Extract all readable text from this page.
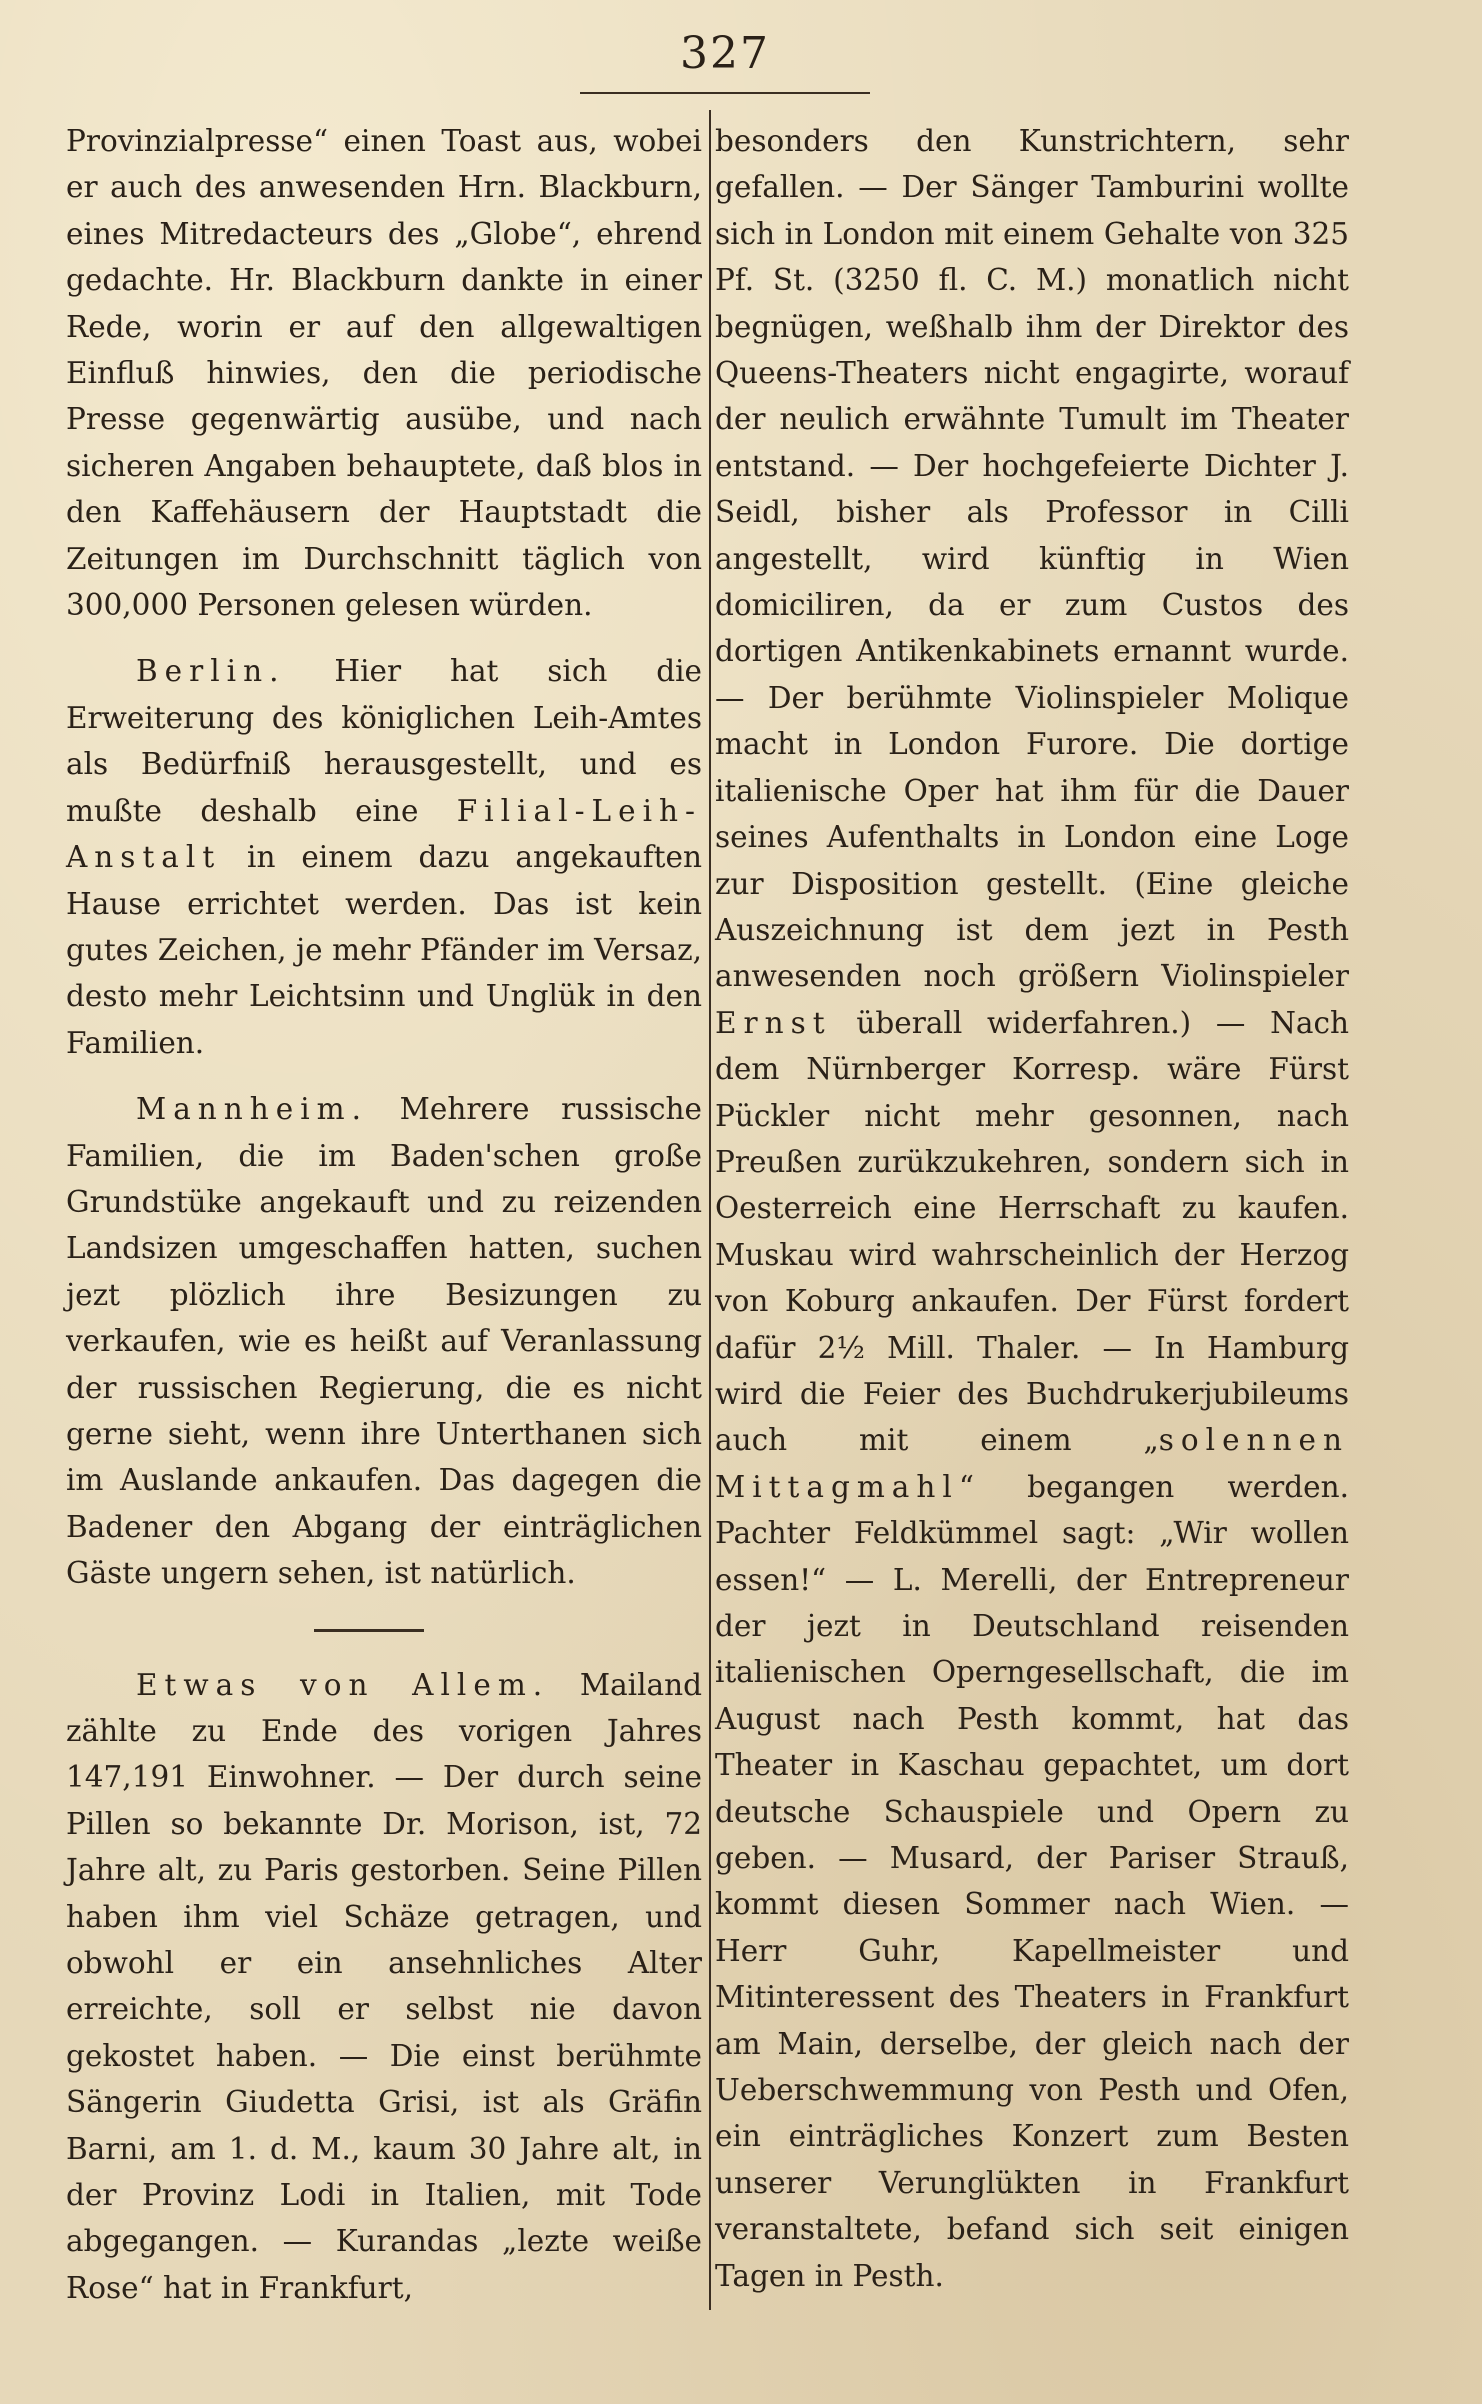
327

Provinzialpresse“ einen Toast aus, wobei er auch des anwesenden Hrn. Blackburn, eines Mitredacteurs des „Globe“, ehrend gedachte. Hr. Blackburn dankte in einer Rede, worin er auf den allgewaltigen Einfluß hinwies, den die periodische Presse gegenwärtig ausübe, und nach sicheren Angaben behauptete, daß blos in den Kaffehäusern der Hauptstadt die Zeitungen im Durchschnitt täglich von 300,000 Personen gelesen würden.

Berlin. Hier hat sich die Erweiterung des königlichen Leih-Amtes als Bedürfniß herausgestellt, und es mußte deshalb eine Filial-Leih-Anstalt in einem dazu angekauften Hause errichtet werden. Das ist kein gutes Zeichen, je mehr Pfänder im Versaz, desto mehr Leichtsinn und Unglük in den Familien.

Mannheim. Mehrere russische Familien, die im Baden'schen große Grundstüke angekauft und zu reizenden Landsizen umgeschaffen hatten, suchen jezt plözlich ihre Besizungen zu verkaufen, wie es heißt auf Veranlassung der russischen Regierung, die es nicht gerne sieht, wenn ihre Unterthanen sich im Auslande ankaufen. Das dagegen die Badener den Abgang der einträglichen Gäste ungern sehen, ist natürlich.

Etwas von Allem. Mailand zählte zu Ende des vorigen Jahres 147,191 Einwohner. — Der durch seine Pillen so bekannte Dr. Morison, ist, 72 Jahre alt, zu Paris gestorben. Seine Pillen haben ihm viel Schäze getragen, und obwohl er ein ansehnliches Alter erreichte, soll er selbst nie davon gekostet haben. — Die einst berühmte Sängerin Giudetta Grisi, ist als Gräfin Barni, am 1. d. M., kaum 30 Jahre alt, in der Provinz Lodi in Italien, mit Tode abgegangen. — Kurandas „lezte weiße Rose“ hat in Frankfurt,

besonders den Kunstrichtern, sehr gefallen. — Der Sänger Tamburini wollte sich in London mit einem Gehalte von 325 Pf. St. (3250 fl. C. M.) monatlich nicht begnügen, weßhalb ihm der Direktor des Queens-Theaters nicht engagirte, worauf der neulich erwähnte Tumult im Theater entstand. — Der hochgefeierte Dichter J. Seidl, bisher als Professor in Cilli angestellt, wird künftig in Wien domiciliren, da er zum Custos des dortigen Antikenkabinets ernannt wurde. — Der berühmte Violinspieler Molique macht in London Furore. Die dortige italienische Oper hat ihm für die Dauer seines Aufenthalts in London eine Loge zur Disposition gestellt. (Eine gleiche Auszeichnung ist dem jezt in Pesth anwesenden noch größern Violinspieler Ernst überall widerfahren.) — Nach dem Nürnberger Korresp. wäre Fürst Pückler nicht mehr gesonnen, nach Preußen zurükzukehren, sondern sich in Oesterreich eine Herrschaft zu kaufen. Muskau wird wahrscheinlich der Herzog von Koburg ankaufen. Der Fürst fordert dafür 2½ Mill. Thaler. — In Hamburg wird die Feier des Buchdrukerjubileums auch mit einem „solennen Mittagmahl“ begangen werden. Pachter Feldkümmel sagt: „Wir wollen essen!“ — L. Merelli, der Entrepreneur der jezt in Deutschland reisenden italienischen Operngesellschaft, die im August nach Pesth kommt, hat das Theater in Kaschau gepachtet, um dort deutsche Schauspiele und Opern zu geben. — Musard, der Pariser Strauß, kommt diesen Sommer nach Wien. — Herr Guhr, Kapellmeister und Mitinteressent des Theaters in Frankfurt am Main, derselbe, der gleich nach der Ueberschwemmung von Pesth und Ofen, ein einträgliches Konzert zum Besten unserer Verunglükten in Frankfurt veranstaltete, befand sich seit einigen Tagen in Pesth.
